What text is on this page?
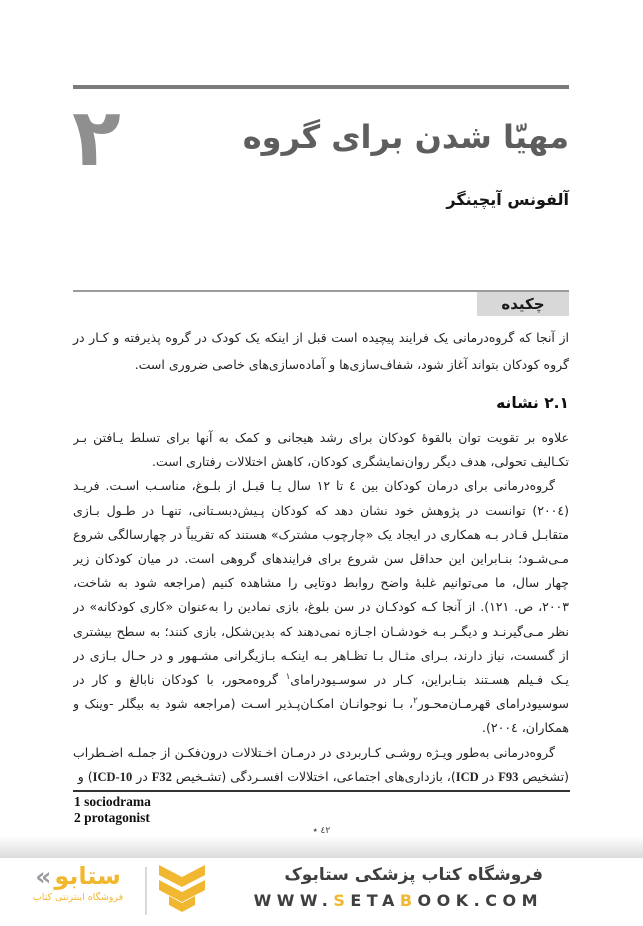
٢	مهیّا شدن برای گروه
آلفونس آیچینگر
چکیده

از آنجا که گروه‌درمانی یک فرایند پیچیده است قبل از اینکه یک کودک در گروه پذیرفته و کـار در گروه کودکان بتواند آغاز شود، شفاف‌سازی‌ها و آماده‌سازی‌های خاصی ضروری است.

٢.١ نشانه

علاوه بر تقویت توان بالقوهٔ کودکان برای رشد هیجانی و کمک به آنها برای تسلط یـافتن بـر تکـالیف تحولی، هدف دیگر روان‌نمایشگری کودکان، کاهش اختلالات رفتاری است.

گروه‌درمانی برای درمان کودکان بین ٤ تا ١٢ سال یـا قبـل از بلـوغ، مناسـب اسـت. فریـد (٢٠٠٤) توانست در پژوهش خود نشان دهد که کودکان پـیش‌دبسـتانی، تنهـا در طـول بـازی متقابـل قـادر بـه همکاری در ایجاد یک «چارچوب مشترک» هستند که تقریباً در چهارسالگی شروع مـی‌شـود؛ بنـابراین این حداقل سن شروع برای فرایندهای گروهی است. در میان کودکان زیر چهار سال، ما می‌توانیم غلبهٔ واضح روابط دوتایی را مشاهده کنیم (مراجعه شود به شاخت، ٢٠٠٣، ص. ١٢١). از آنجا کـه کودکـان در سن بلوغ، بازی نمادین را به‌عنوان «کاری کودکانه» در نظر مـی‌گیرنـد و دیگـر بـه خودشـان اجـازه نمی‌دهند که بدین‌شکل، بازی کنند؛ به سطح بیشتری از گسست، نیاز دارند، بـرای مثـال بـا تظـاهر بـه اینکـه بـازیگرانی مشـهور و در حـال بـازی در یـک فـیلم هسـتند بنـابراین، کـار در سوسـیودرامای$^١$ گروه‌محور، با کودکان نابالغ و کار در سوسیودرامای قهرمـان‌محـور$^٢$، بـا نوجوانـان امکـان‌پـذیر اسـت (مراجعه شود به بیگلر -وینک و همکاران، ٢٠٠٤).

گروه‌درمانی به‌طور ویـژه روشـی کـاربردی در درمـان اخـتلالات درون‌فکـن از جملـه اضـطراب (تشخیص F93 در ICD)، بازداری‌های اجتماعی، اختلالات افسـردگی (تشـخیص F32 در ICD-10) و

1 sociodrama
2 protagonist
٤٢ ٭
« ستابو
فروشگاه اینترنتی کتاب
فروشگاه کتاب پزشکی ستابوک
WWW.SETABOOK.COM
